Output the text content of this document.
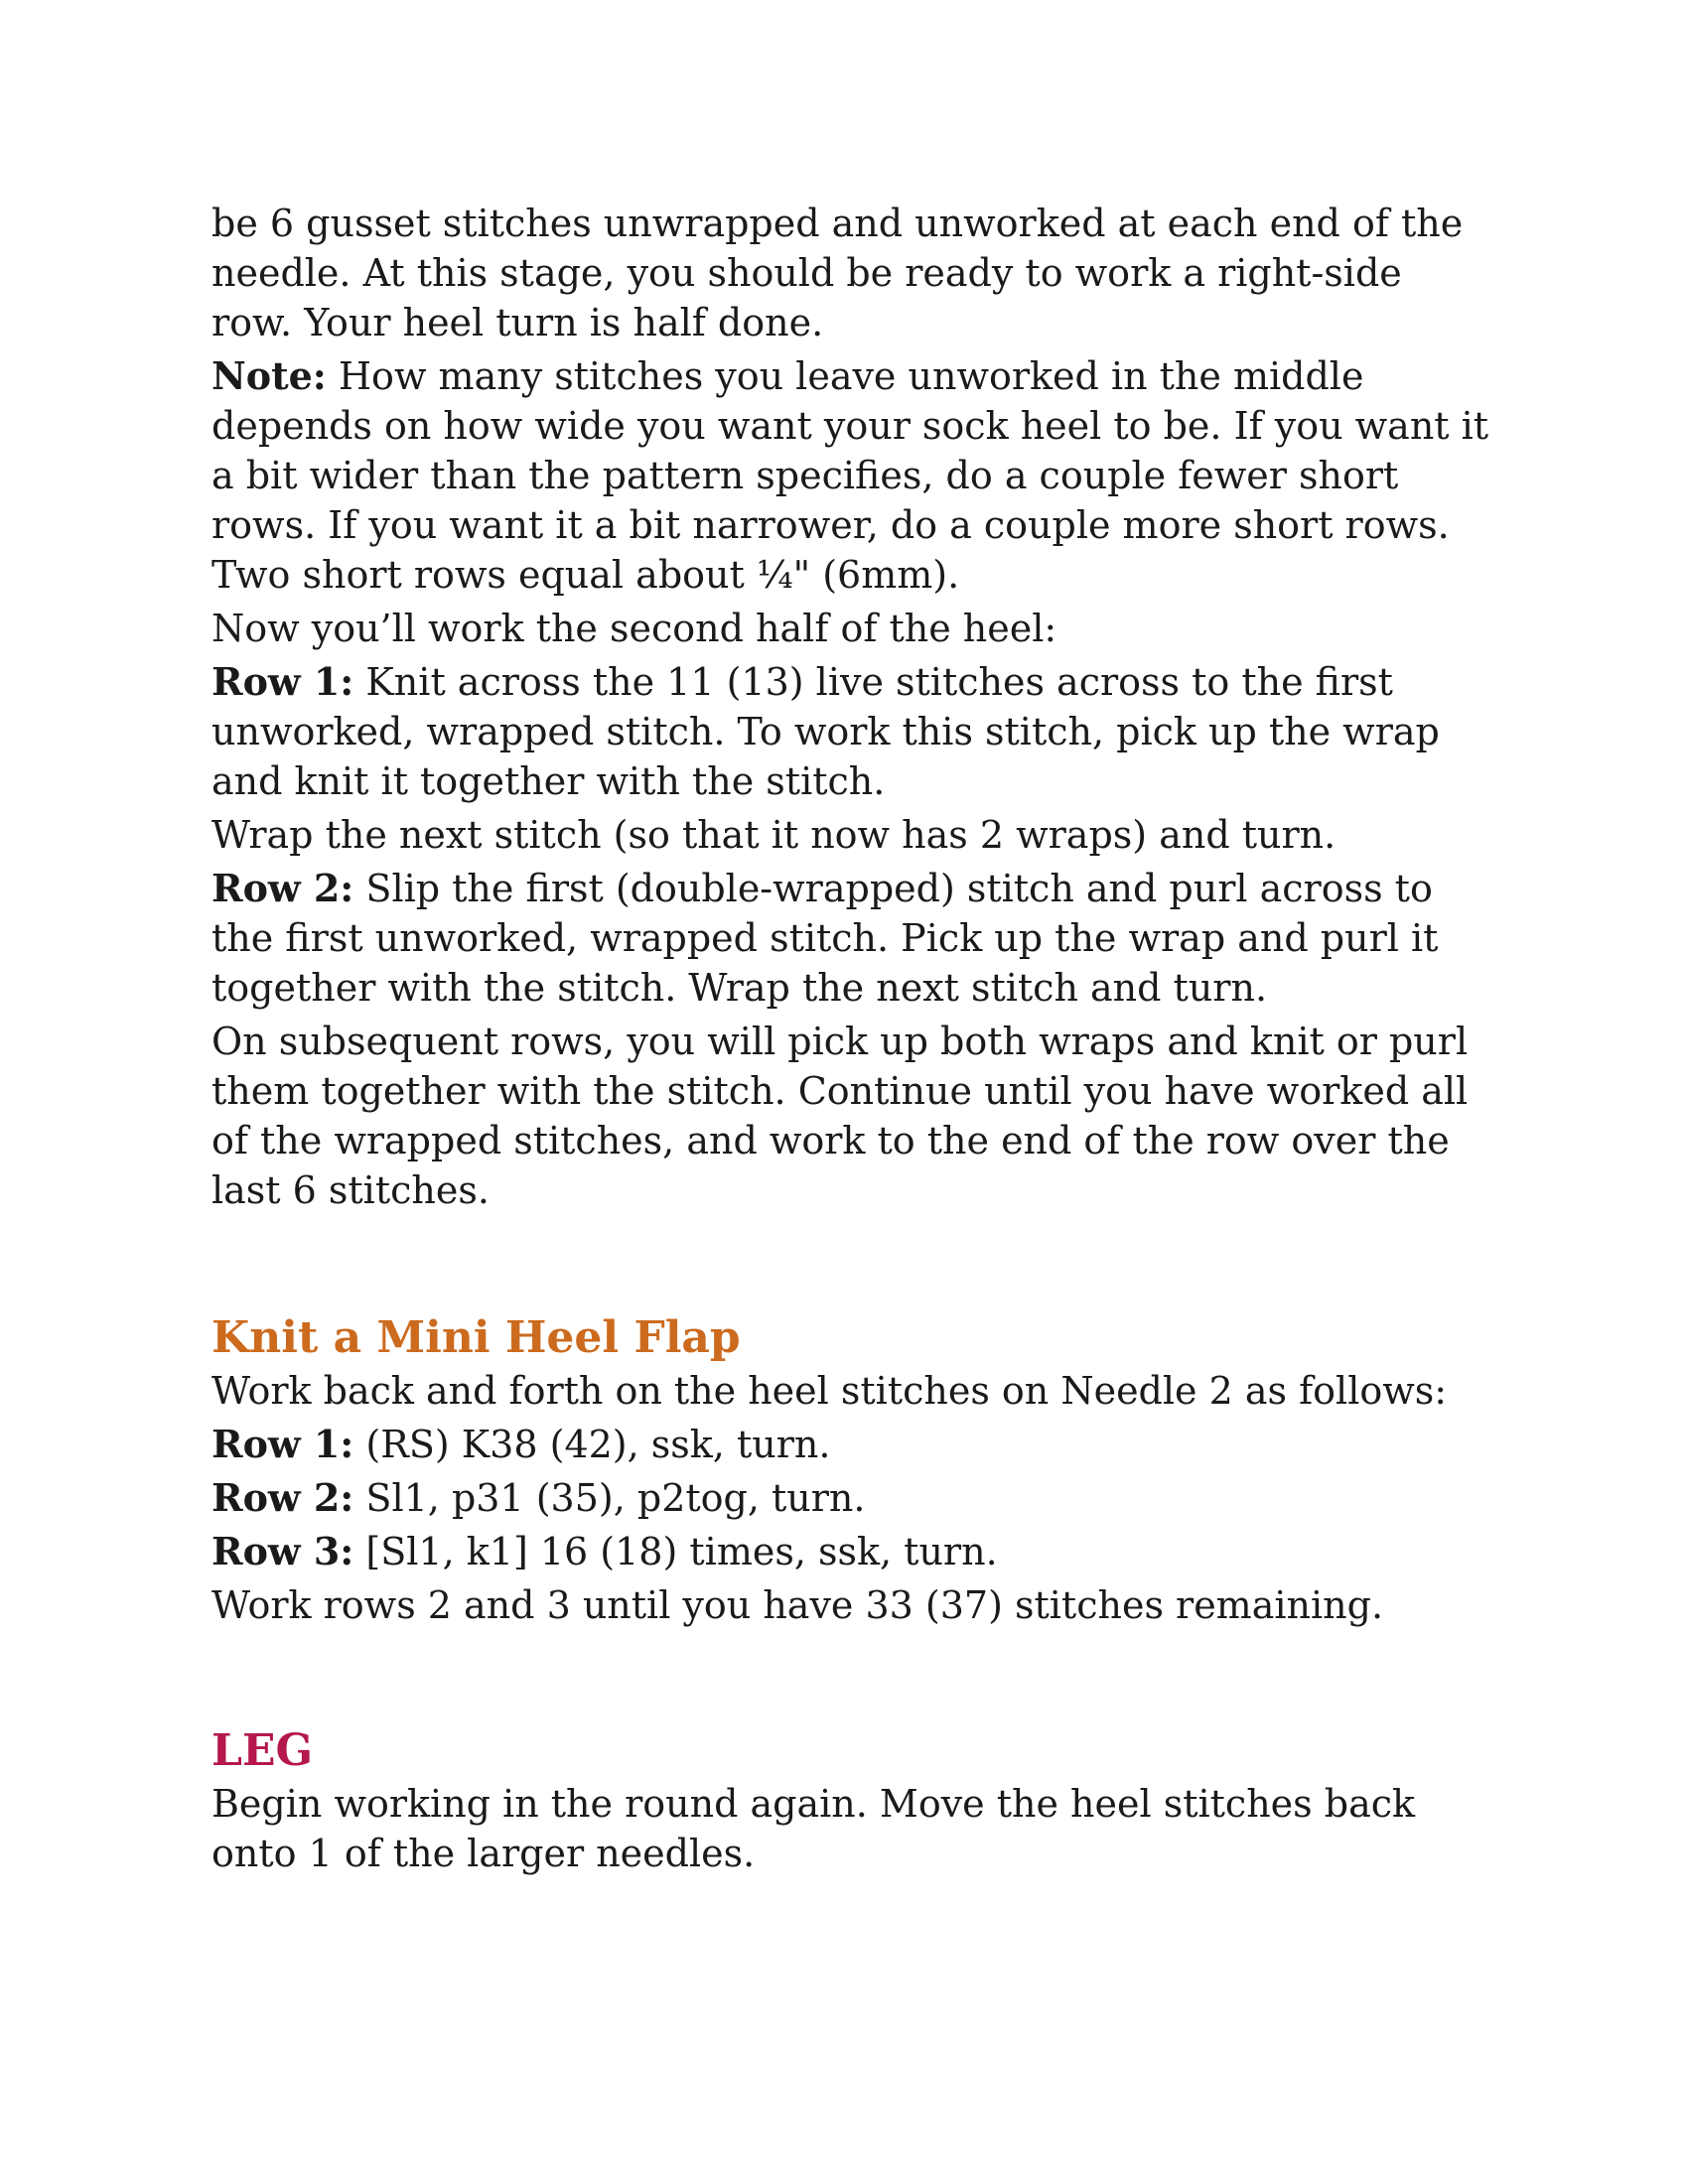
be 6 gusset stitches unwrapped and unworked at each end of the needle. At this stage, you should be ready to work a right-side row. Your heel turn is half done.

Note: How many stitches you leave unworked in the middle depends on how wide you want your sock heel to be. If you want it a bit wider than the pattern specifies, do a couple fewer short rows. If you want it a bit narrower, do a couple more short rows. Two short rows equal about ¼" (6mm).

Now you’ll work the second half of the heel:

Row 1: Knit across the 11 (13) live stitches across to the first unworked, wrapped stitch. To work this stitch, pick up the wrap and knit it together with the stitch.

Wrap the next stitch (so that it now has 2 wraps) and turn.

Row 2: Slip the first (double-wrapped) stitch and purl across to the first unworked, wrapped stitch. Pick up the wrap and purl it together with the stitch. Wrap the next stitch and turn.

On subsequent rows, you will pick up both wraps and knit or purl them together with the stitch. Continue until you have worked all of the wrapped stitches, and work to the end of the row over the last 6 stitches.

Knit a Mini Heel Flap

Work back and forth on the heel stitches on Needle 2 as follows:

Row 1: (RS) K38 (42), ssk, turn.

Row 2: Sl1, p31 (35), p2tog, turn.

Row 3: [Sl1, k1] 16 (18) times, ssk, turn.

Work rows 2 and 3 until you have 33 (37) stitches remaining.

LEG

Begin working in the round again. Move the heel stitches back onto 1 of the larger needles.
